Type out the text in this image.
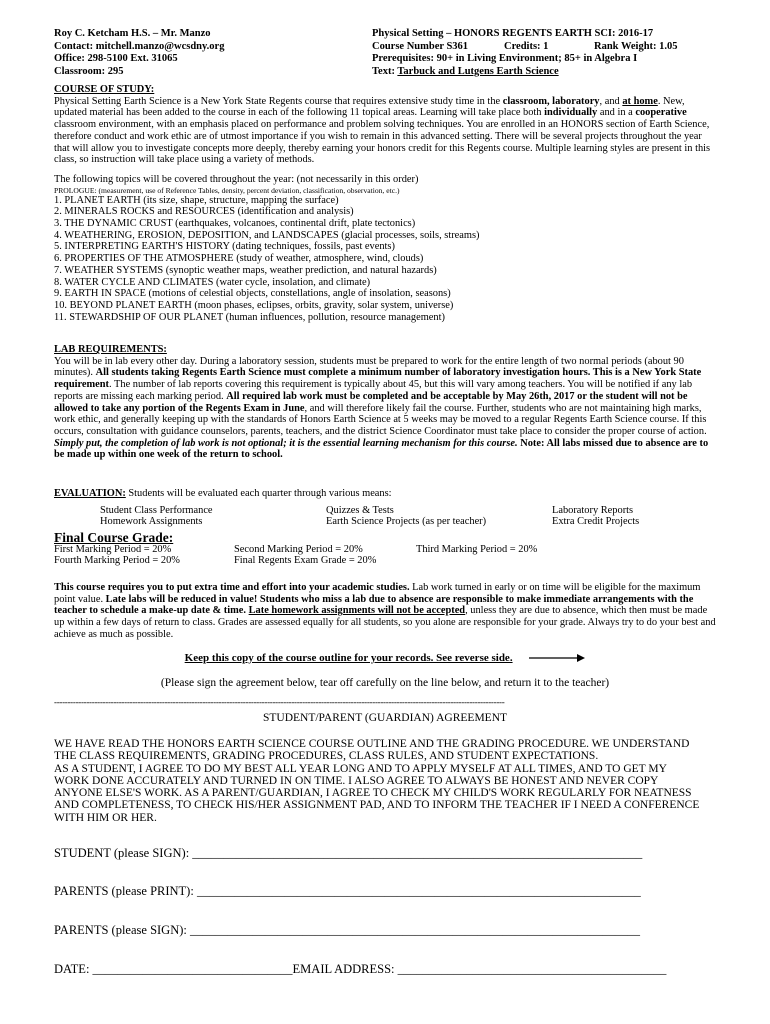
Roy C. Ketcham H.S. – Mr. Manzo
Contact: mitchell.manzo@wcsdny.org
Office: 298-5100 Ext. 31065
Classroom: 295
Physical Setting – HONORS REGENTS EARTH SCI: 2016-17
Course Number S361	Credits: 1	Rank Weight: 1.05
Prerequisites: 90+ in Living Environment; 85+ in Algebra I
Text: Tarbuck and Lutgens Earth Science
COURSE OF STUDY:
Physical Setting Earth Science is a New York State Regents course that requires extensive study time in the classroom, laboratory, and at home. New, updated material has been added to the course in each of the following 11 topical areas. Learning will take place both individually and in a cooperative classroom environment, with an emphasis placed on performance and problem solving techniques. You are enrolled in an HONORS section of Earth Science, therefore conduct and work ethic are of utmost importance if you wish to remain in this advanced setting. There will be several projects throughout the year that will allow you to investigate concepts more deeply, thereby earning your honors credit for this Regents course. Multiple learning styles are present in this class, so instruction will take place using a variety of methods.
The following topics will be covered throughout the year: (not necessarily in this order)
PROLOGUE: (measurement, use of Reference Tables, density, percent deviation, classification, observation, etc.)
1. PLANET EARTH (its size, shape, structure, mapping the surface)
2. MINERALS ROCKS and RESOURCES (identification and analysis)
3. THE DYNAMIC CRUST (earthquakes, volcanoes, continental drift, plate tectonics)
4. WEATHERING, EROSION, DEPOSITION, and LANDSCAPES (glacial processes, soils, streams)
5. INTERPRETING EARTH'S HISTORY (dating techniques, fossils, past events)
6. PROPERTIES OF THE ATMOSPHERE (study of weather, atmosphere, wind, clouds)
7. WEATHER SYSTEMS (synoptic weather maps, weather prediction, and natural hazards)
8. WATER CYCLE AND CLIMATES (water cycle, insolation, and climate)
9. EARTH IN SPACE (motions of celestial objects, constellations, angle of insolation, seasons)
10. BEYOND PLANET EARTH (moon phases, eclipses, orbits, gravity, solar system, universe)
11. STEWARDSHIP OF OUR PLANET (human influences, pollution, resource management)
LAB REQUIREMENTS:
You will be in lab every other day. During a laboratory session, students must be prepared to work for the entire length of two normal periods (about 90 minutes). All students taking Regents Earth Science must complete a minimum number of laboratory investigation hours. This is a New York State requirement. The number of lab reports covering this requirement is typically about 45, but this will vary among teachers. You will be notified if any lab reports are missing each marking period. All required lab work must be completed and be acceptable by May 26th, 2017 or the student will not be allowed to take any portion of the Regents Exam in June, and will therefore likely fail the course. Further, students who are not maintaining high marks, work ethic, and generally keeping up with the standards of Honors Earth Science at 5 weeks may be moved to a regular Regents Earth Science course. If this occurs, consultation with guidance counselors, parents, teachers, and the district Science Coordinator must take place to consider the proper course of action. Simply put, the completion of lab work is not optional; it is the essential learning mechanism for this course. Note: All labs missed due to absence are to be made up within one week of the return to school.
EVALUATION: Students will be evaluated each quarter through various means:
Student Class Performance	Quizzes & Tests	Laboratory Reports
Homework Assignments	Earth Science Projects (as per teacher)	Extra Credit Projects
Final Course Grade:
First Marking Period = 20%	Second Marking Period = 20%	Third Marking Period = 20%
Fourth Marking Period = 20%	Final Regents Exam Grade = 20%
This course requires you to put extra time and effort into your academic studies. Lab work turned in early or on time will be eligible for the maximum point value. Late labs will be reduced in value! Students who miss a lab due to absence are responsible to make immediate arrangements with the teacher to schedule a make-up date & time. Late homework assignments will not be accepted, unless they are due to absence, which then must be made up within a few days of return to class. Grades are assessed equally for all students, so you alone are responsible for your grade. Always try to do your best and achieve as much as possible.
Keep this copy of the course outline for your records. See reverse side.
(Please sign the agreement below, tear off carefully on the line below, and return it to the teacher)
-----------------------------------------------------------------------------------------------------------------------------------------------------------------------
STUDENT/PARENT (GUARDIAN) AGREEMENT
WE HAVE READ THE HONORS EARTH SCIENCE COURSE OUTLINE AND THE GRADING PROCEDURE. WE UNDERSTAND THE CLASS REQUIREMENTS, GRADING PROCEDURES, CLASS RULES, AND STUDENT EXPECTATIONS.
AS A STUDENT, I AGREE TO DO MY BEST ALL YEAR LONG AND TO APPLY MYSELF AT ALL TIMES, AND TO GET MY WORK DONE ACCURATELY AND TURNED IN ON TIME. I ALSO AGREE TO ALWAYS BE HONEST AND NEVER COPY ANYONE ELSE'S WORK. AS A PARENT/GUARDIAN, I AGREE TO CHECK MY CHILD'S WORK REGULARLY FOR NEATNESS AND COMPLETENESS, TO CHECK HIS/HER ASSIGNMENT PAD, AND TO INFORM THE TEACHER IF I NEED A CONFERENCE WITH HIM OR HER.
STUDENT (please SIGN): ________________________________________________________________________
PARENTS (please PRINT): _______________________________________________________________________
PARENTS (please SIGN): ________________________________________________________________________
DATE: ________________________________EMAIL ADDRESS: ___________________________________________
